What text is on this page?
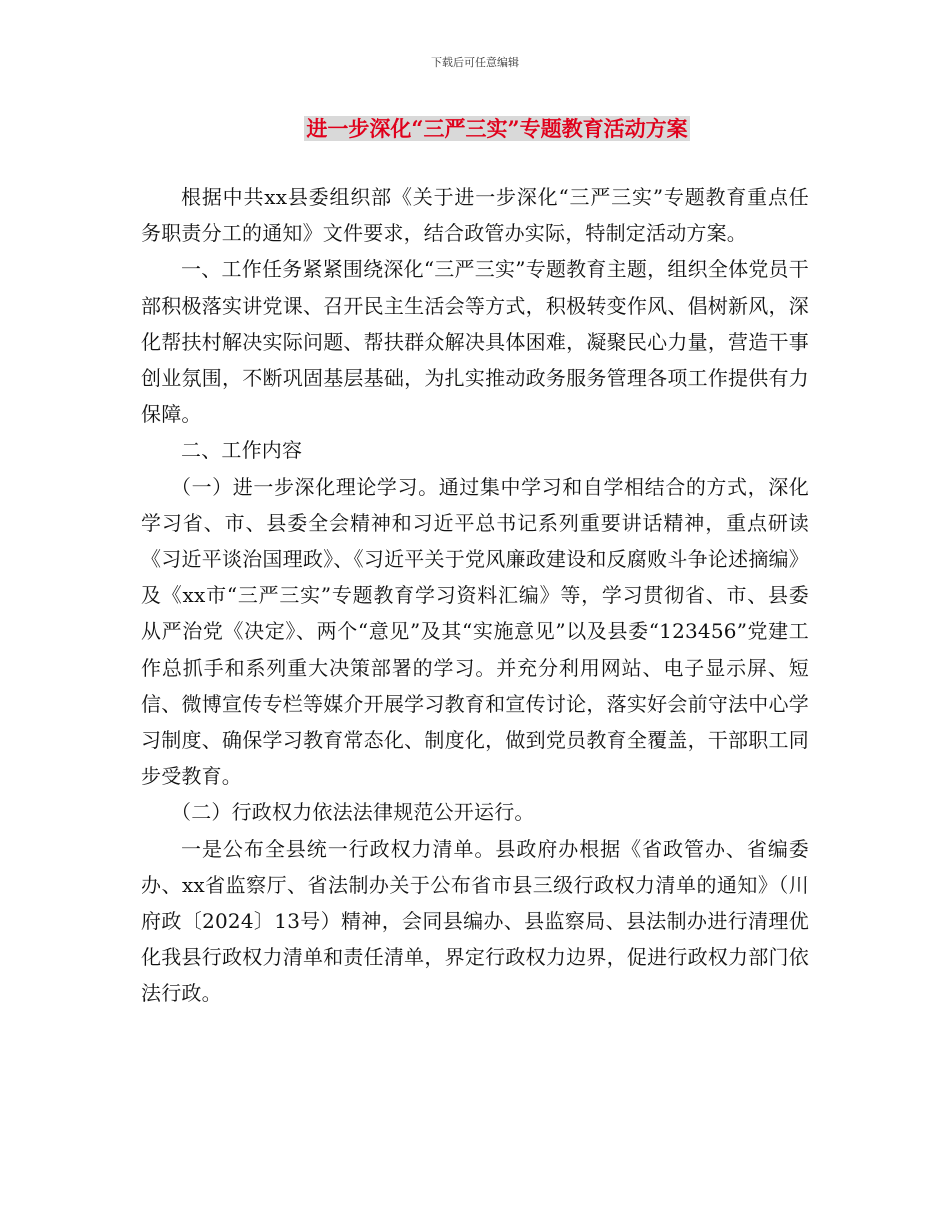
下载后可任意编辑
进一步深化“三严三实”专题教育活动方案

根据中共xx县委组织部《关于进一步深化“三严三实”专题教育重点任务职责分工的通知》文件要求，结合政管办实际，特制定活动方案。

一、工作任务紧紧围绕深化“三严三实”专题教育主题，组织全体党员干部积极落实讲党课、召开民主生活会等方式，积极转变作风、倡树新风，深化帮扶村解决实际问题、帮扶群众解决具体困难，凝聚民心力量，营造干事创业氛围，不断巩固基层基础，为扎实推动政务服务管理各项工作提供有力保障。

二、工作内容

（一）进一步深化理论学习。通过集中学习和自学相结合的方式，深化学习省、市、县委全会精神和习近平总书记系列重要讲话精神，重点研读《习近平谈治国理政》、《习近平关于党风廉政建设和反腐败斗争论述摘编》及《xx市“三严三实”专题教育学习资料汇编》等，学习贯彻省、市、县委从严治党《决定》、两个“意见”及其“实施意见”以及县委“123456”党建工作总抓手和系列重大决策部署的学习。并充分利用网站、电子显示屏、短信、微博宣传专栏等媒介开展学习教育和宣传讨论，落实好会前守法中心学习制度、确保学习教育常态化、制度化，做到党员教育全覆盖，干部职工同步受教育。

（二）行政权力依法法律规范公开运行。

一是公布全县统一行政权力清单。县政府办根据《省政管办、省编委办、xx省监察厅、省法制办关于公布省市县三级行政权力清单的通知》（川府政〔2024〕13号）精神，会同县编办、县监察局、县法制办进行清理优化我县行政权力清单和责任清单，界定行政权力边界，促进行政权力部门依法行政。
